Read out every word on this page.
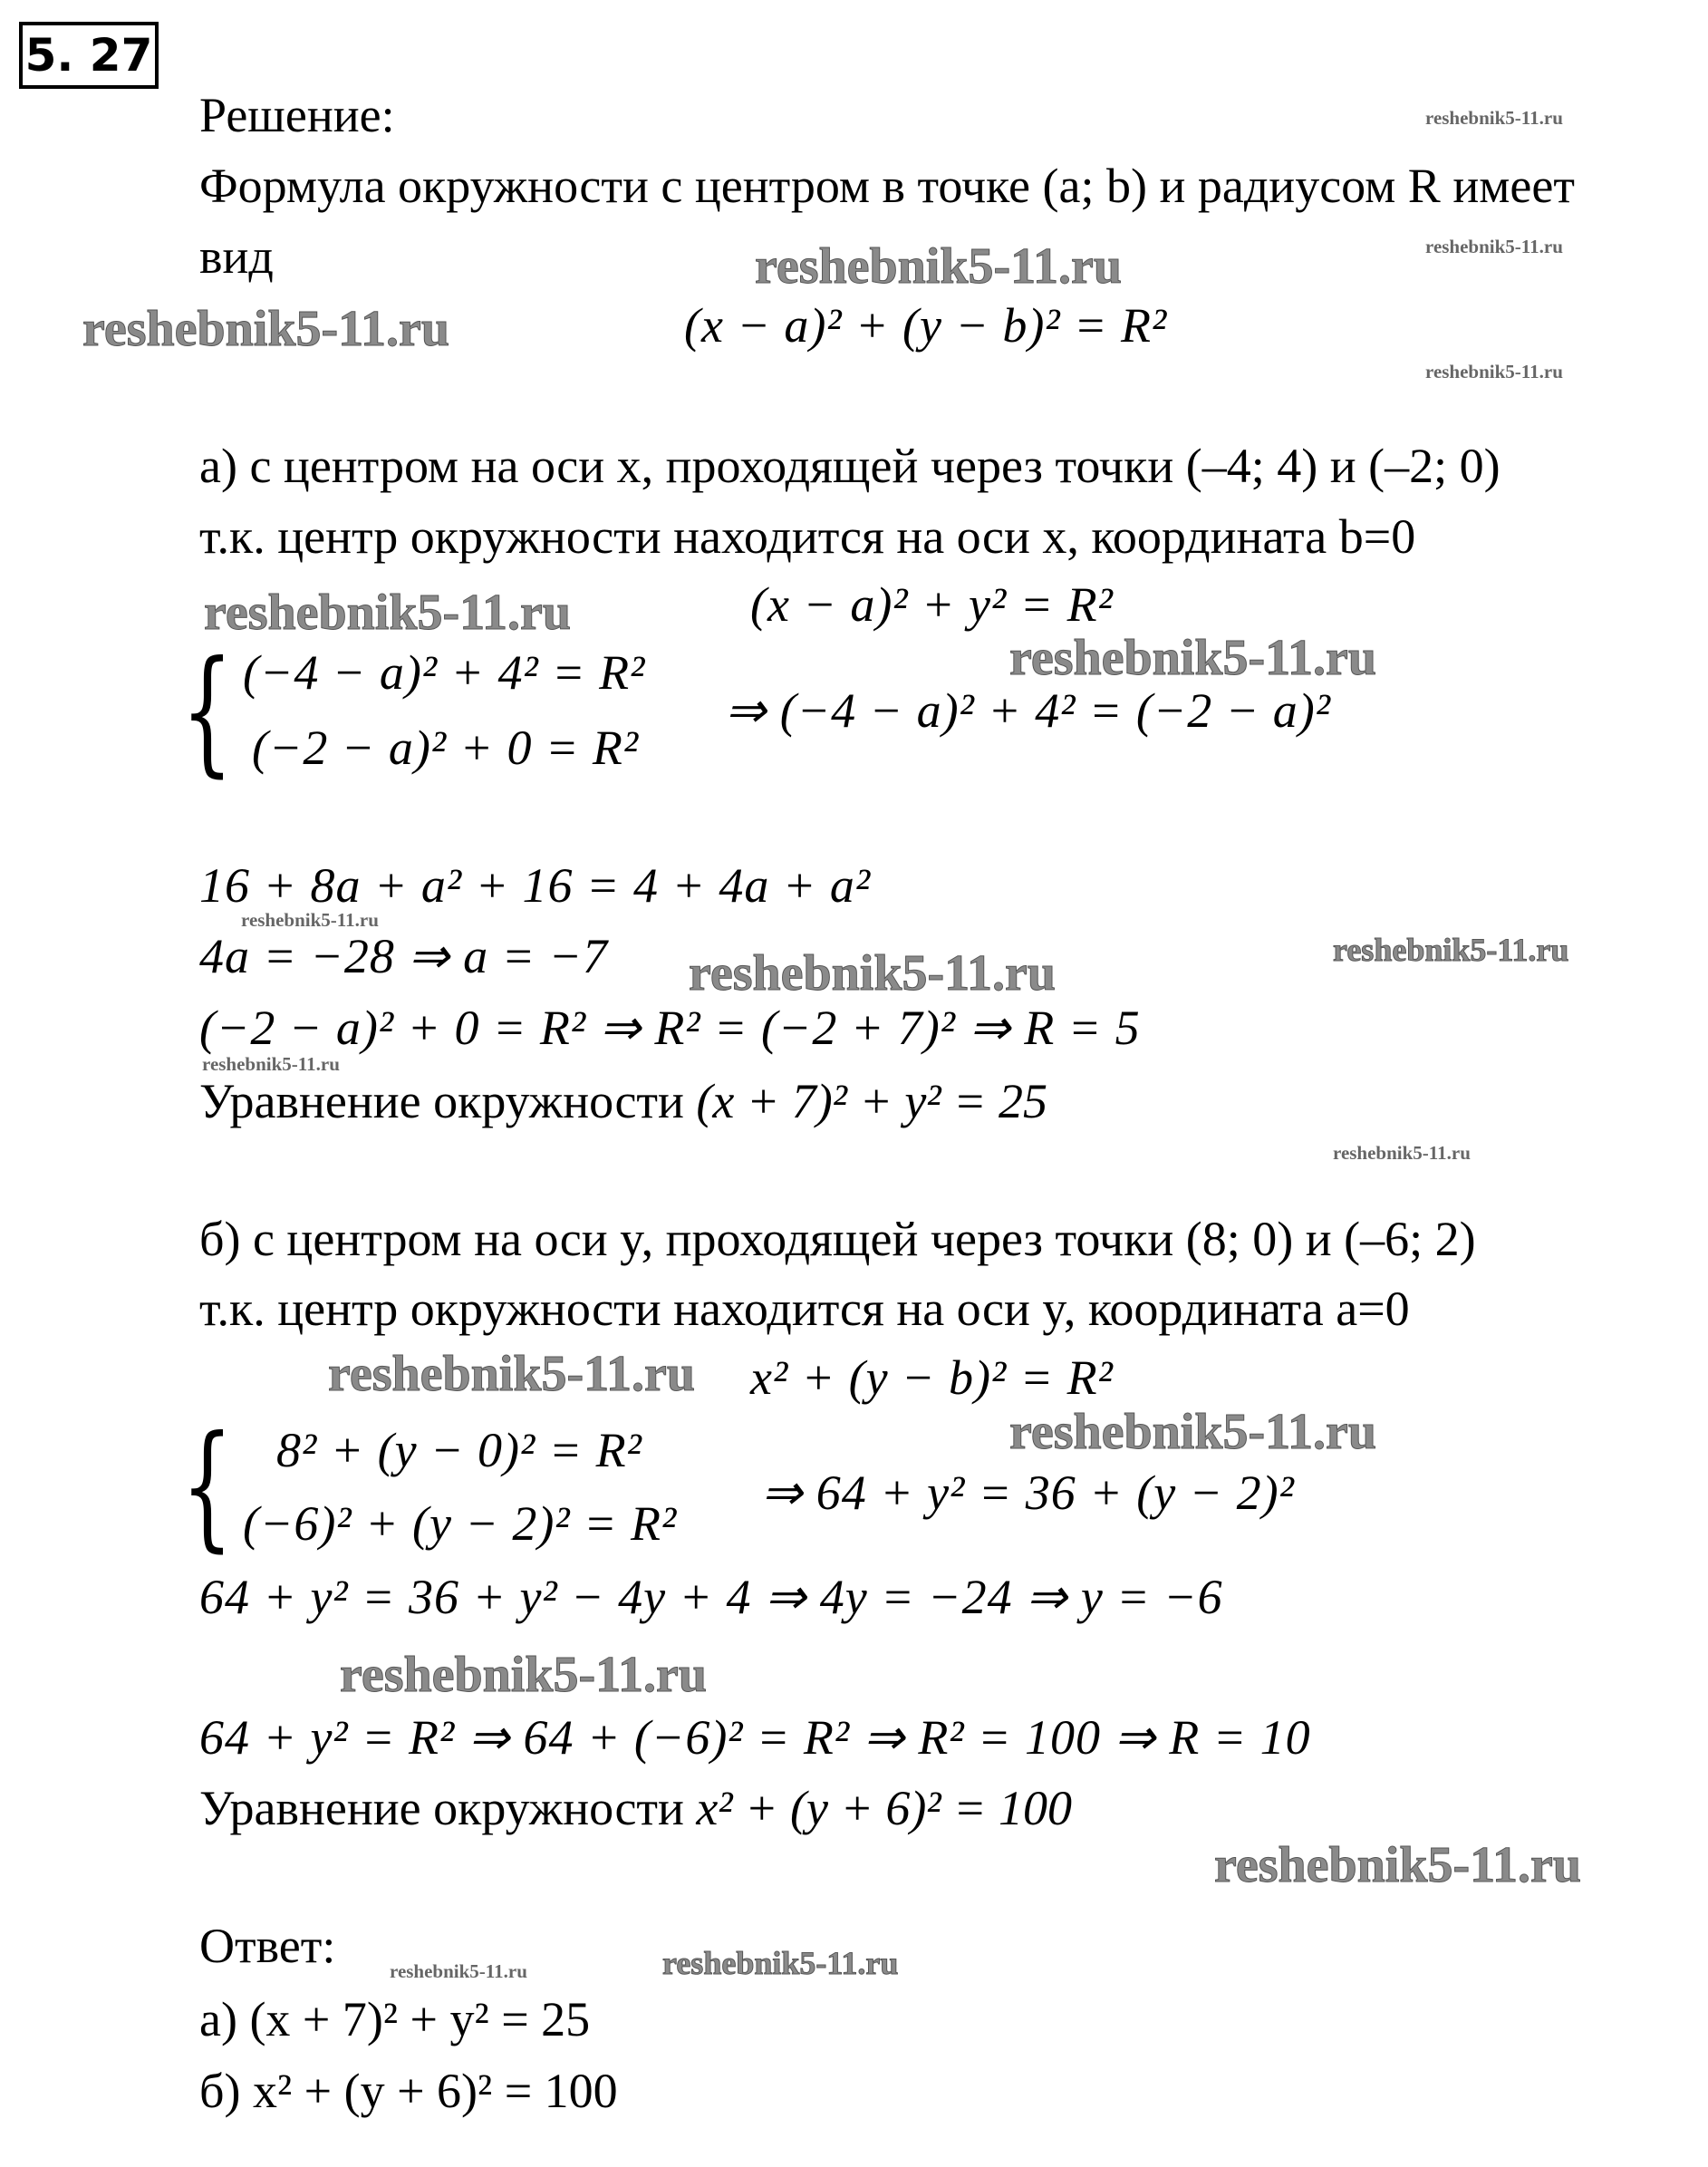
5. 27
Решение:
Формула окружности с центром в точке (a; b) и радиусом R имеет
вид
(x − a)² + (y − b)² = R²
а) с центром на оси x, проходящей через точки (–4; 4) и (–2; 0)
т.к. центр окружности находится на оси x, координата b=0
(x − a)² + y² = R²
{ (−4 − a)² + 4² = R²
(−2 − a)² + 0 = R²
⇒ (−4 − a)² + 4² = (−2 − a)²
16 + 8a + a² + 16 = 4 + 4a + a²
4a = −28 ⇒ a = −7
(−2 − a)² + 0 = R² ⇒ R² = (−2 + 7)² ⇒ R = 5
Уравнение окружности (x + 7)² + y² = 25
б) с центром на оси y, проходящей через точки (8; 0) и (–6; 2)
т.к. центр окружности находится на оси y, координата a=0
x² + (y − b)² = R²
{ 8² + (y − 0)² = R²
(−6)² + (y − 2)² = R²
⇒ 64 + y² = 36 + (y − 2)²
64 + y² = 36 + y² − 4y + 4 ⇒ 4y = −24 ⇒ y = −6
64 + y² = R² ⇒ 64 + (−6)² = R² ⇒ R² = 100 ⇒ R = 10
Уравнение окружности x² + (y + 6)² = 100
Ответ:
а) (x + 7)² + y² = 25
б) x² + (y + 6)² = 100
reshebnik5-11.ru
reshebnik5-11.ru
reshebnik5-11.ru
reshebnik5-11.ru
reshebnik5-11.ru
reshebnik5-11.ru
reshebnik5-11.ru
reshebnik5-11.ru
reshebnik5-11.ru	reshebnik5-11.ru
reshebnik5-11.ru
reshebnik5-11.ru
reshebnik5-11.ru
reshebnik5-11.ru
reshebnik5-11.ru
reshebnik5-11.ru
reshebnik5-11.ru
reshebnik5-11.ru
